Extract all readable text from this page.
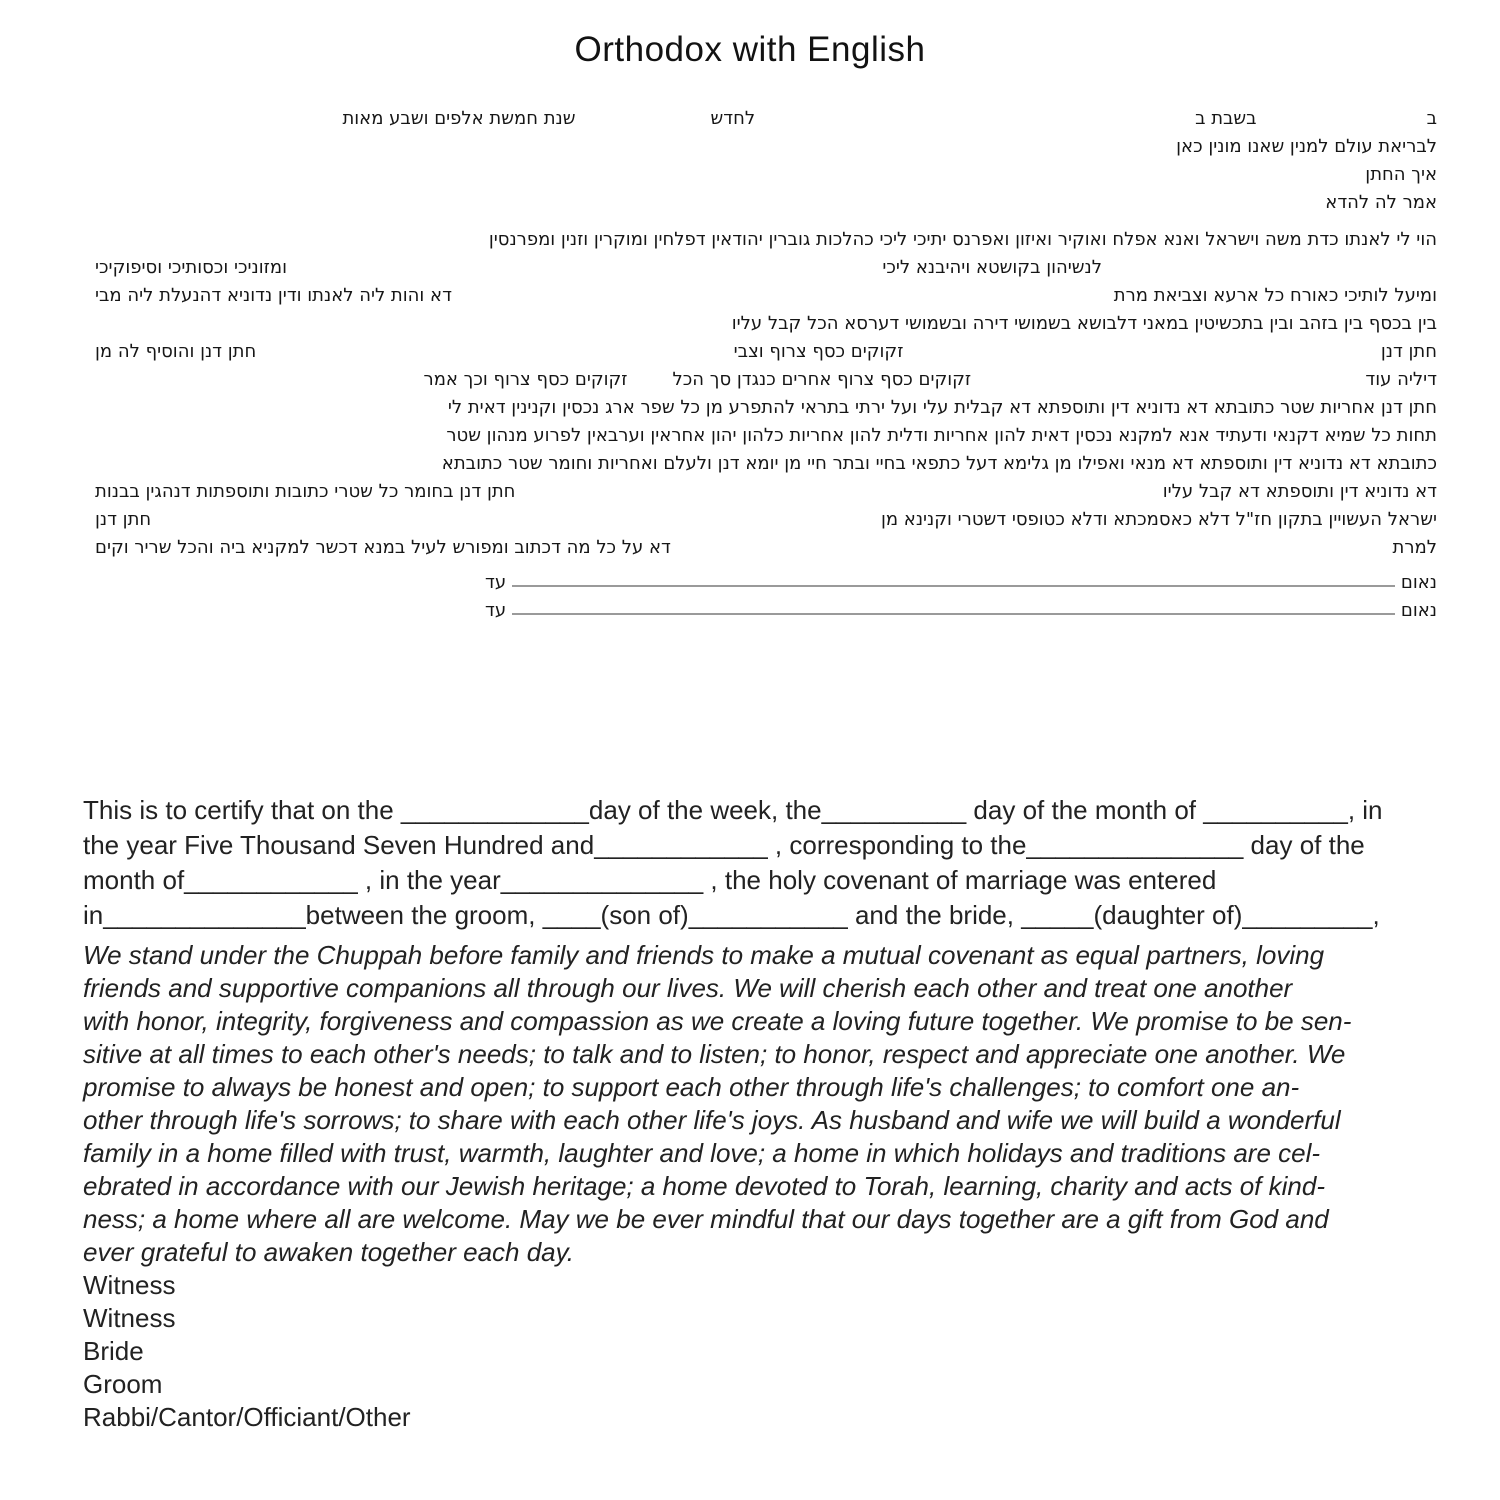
Orthodox with English
ב
בשבת ב
לחדש
שנת חמשת אלפים ושבע מאות
לבריאת עולם למנין שאנו מונין כאן
איך החתן
אמר לה להדא
הוי לי לאנתו כדת משה וישראל ואנא אפלח ואוקיר ואיזון ואפרנס יתיכי ליכי כהלכות גוברין יהודאין דפלחין ומוקרין וזנין ומפרנסין
לנשיהון בקושטא ויהיבנא ליכי
ומזוניכי וכסותיכי וסיפוקיכי
ומיעל לותיכי כאורח כל ארעא וצביאת מרת
דא והות ליה לאנתו ודין נדוניא דהנעלת ליה מבי
בין בכסף בין בזהב ובין בתכשיטין במאני דלבושא בשמושי דירה ובשמושי דערסא הכל קבל עליו
חתן דנן
זקוקים כסף צרוף וצבי
חתן דנן והוסיף לה מן
דיליה עוד
זקוקים כסף צרוף אחרים כנגדן סך הכל
זקוקים כסף צרוף וכך אמר
חתן דנן אחריות שטר כתובתא דא נדוניא דין ותוספתא דא קבלית עלי ועל ירתי בתראי להתפרע מן כל שפר ארג נכסין וקנינין דאית לי
תחות כל שמיא דקנאי ודעתיד אנא למקנא נכסין דאית להון אחריות ודלית להון אחריות כלהון יהון אחראין וערבאין לפרוע מנהון שטר
כתובתא דא נדוניא דין ותוספתא דא מנאי ואפילו מן גלימא דעל כתפאי בחיי ובתר חיי מן יומא דנן ולעלם ואחריות וחומר שטר כתובתא
דא נדוניא דין ותוספתא דא קבל עליו
חתן דנן בחומר כל שטרי כתובות ותוספתות דנהגין בבנות
ישראל העשויין בתקון חז"ל דלא כאסמכתא ודלא כטופסי דשטרי וקנינא מן
חתן דנן
למרת
דא על כל מה דכתוב ומפורש לעיל במנא דכשר למקניא ביה והכל שריר וקים
נאום
עד
נאום
עד
This is to certify that on the _____________day of the week, the__________ day of the month of __________, in
the year Five Thousand Seven Hundred and____________ , corresponding to the_______________ day of the
month of____________ , in the year______________ , the holy covenant of marriage was entered
in______________between the groom, ____(son of)___________ and the bride, _____(daughter of)_________,
We stand under the Chuppah before family and friends to make a mutual covenant as equal partners, loving
friends and supportive companions all through our lives. We will cherish each other and treat one another
with honor, integrity, forgiveness and compassion as we create a loving future together. We promise to be sen-
sitive at all times to each other's needs; to talk and to listen; to honor, respect and appreciate one another. We
promise to always be honest and open; to support each other through life's challenges; to comfort one an-
other through life's sorrows; to share with each other life's joys. As husband and wife we will build a wonderful
family in a home filled with trust, warmth, laughter and love; a home in which holidays and traditions are cel-
ebrated in accordance with our Jewish heritage; a home devoted to Torah, learning, charity and acts of kind-
ness; a home where all are welcome. May we be ever mindful that our days together are a gift from God and
ever grateful to awaken together each day.
Witness
Witness
Bride
Groom
Rabbi/Cantor/Officiant/Other
